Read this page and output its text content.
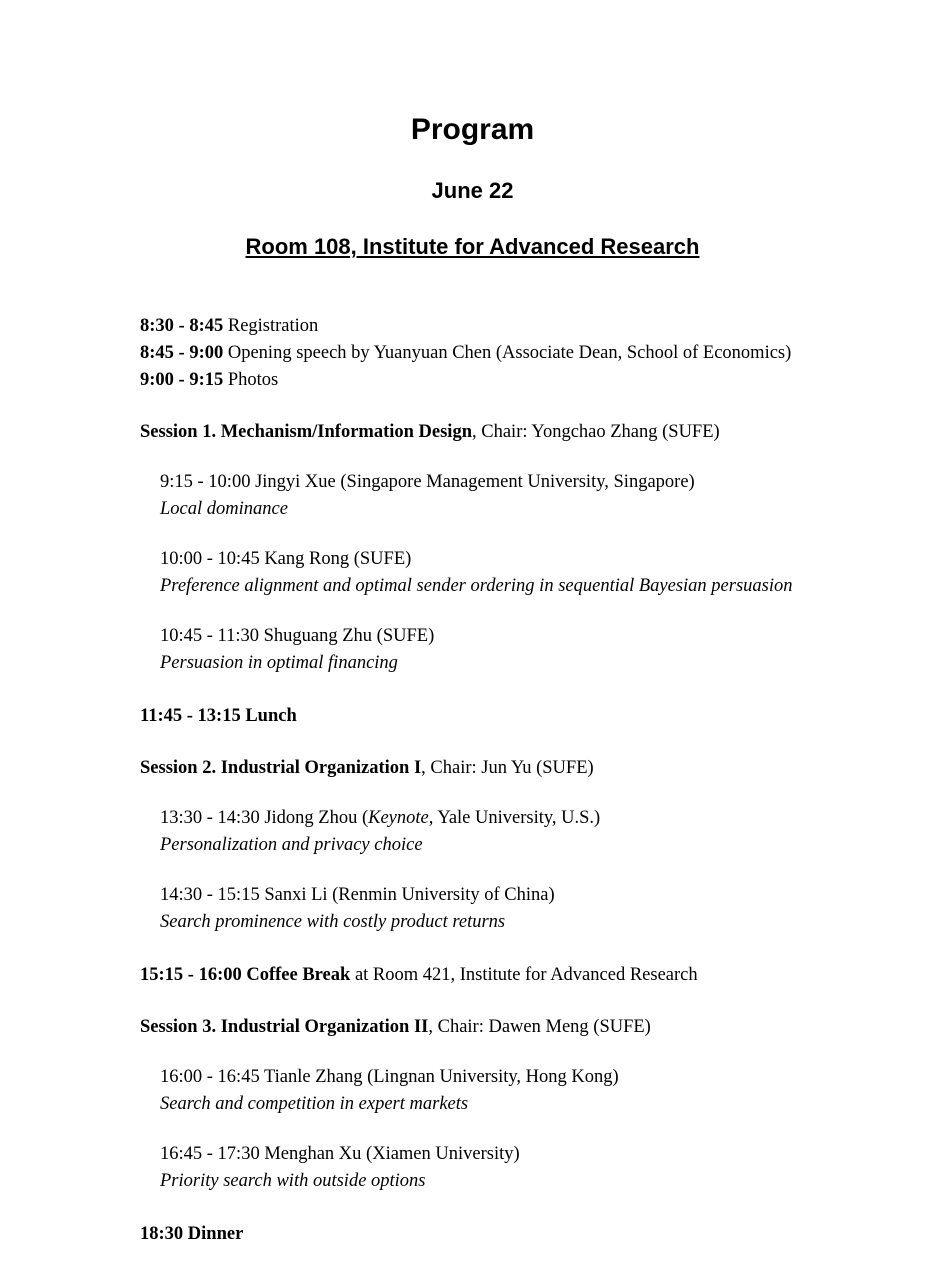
Program
June 22
Room 108, Institute for Advanced Research
8:30 - 8:45 Registration
8:45 - 9:00 Opening speech by Yuanyuan Chen (Associate Dean, School of Economics)
9:00 - 9:15 Photos
Session 1. Mechanism/Information Design, Chair: Yongchao Zhang (SUFE)
9:15 - 10:00 Jingyi Xue (Singapore Management University, Singapore)
Local dominance
10:00 - 10:45 Kang Rong (SUFE)
Preference alignment and optimal sender ordering in sequential Bayesian persuasion
10:45 - 11:30 Shuguang Zhu (SUFE)
Persuasion in optimal financing
11:45 - 13:15 Lunch
Session 2. Industrial Organization I, Chair: Jun Yu (SUFE)
13:30 - 14:30 Jidong Zhou (Keynote, Yale University, U.S.)
Personalization and privacy choice
14:30 - 15:15 Sanxi Li (Renmin University of China)
Search prominence with costly product returns
15:15 - 16:00 Coffee Break at Room 421, Institute for Advanced Research
Session 3. Industrial Organization II, Chair: Dawen Meng (SUFE)
16:00 - 16:45 Tianle Zhang (Lingnan University, Hong Kong)
Search and competition in expert markets
16:45 - 17:30 Menghan Xu (Xiamen University)
Priority search with outside options
18:30 Dinner
